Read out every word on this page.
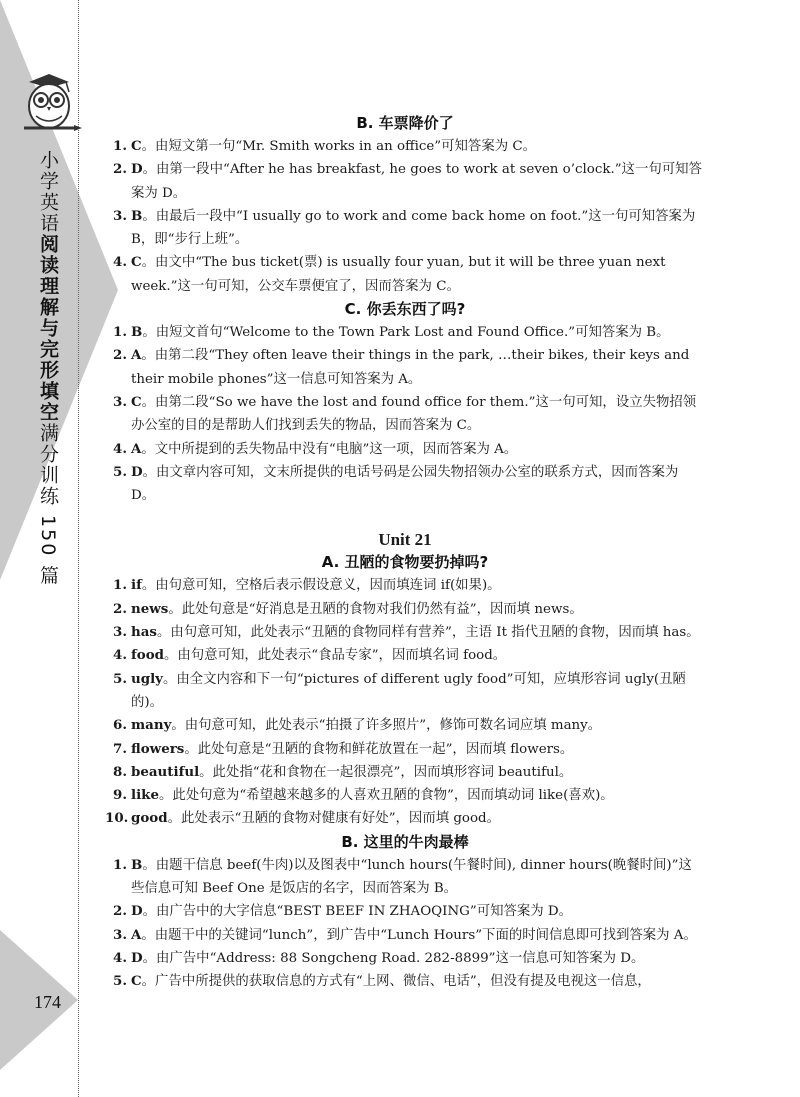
小学英语阅读理解与完形填空满分训练 150 篇
174
B. 车票降价了
1. C。由短文第一句“Mr. Smith works in an office”可知答案为 C。
2. D。由第一段中“After he has breakfast, he goes to work at seven o’clock.”这一句可知答案为 D。
3. B。由最后一段中“I usually go to work and come back home on foot.”这一句可知答案为 B，即“步行上班”。
4. C。由文中“The bus ticket(票) is usually four yuan, but it will be three yuan next week.”这一句可知，公交车票便宜了，因而答案为 C。
C. 你丢东西了吗?
1. B。由短文首句“Welcome to the Town Park Lost and Found Office.”可知答案为 B。
2. A。由第二段“They often leave their things in the park, …their bikes, their keys and their mobile phones”这一信息可知答案为 A。
3. C。由第二段“So we have the lost and found office for them.”这一句可知，设立失物招领办公室的目的是帮助人们找到丢失的物品，因而答案为 C。
4. A。文中所提到的丢失物品中没有“电脑”这一项，因而答案为 A。
5. D。由文章内容可知，文末所提供的电话号码是公园失物招领办公室的联系方式，因而答案为 D。
Unit 21
A. 丑陋的食物要扔掉吗?
1. if。由句意可知，空格后表示假设意义，因而填连词 if(如果)。
2. news。此处句意是“好消息是丑陋的食物对我们仍然有益”，因而填 news。
3. has。由句意可知，此处表示“丑陋的食物同样有营养”，主语 It 指代丑陋的食物，因而填 has。
4. food。由句意可知，此处表示“食品专家”，因而填名词 food。
5. ugly。由全文内容和下一句“pictures of different ugly food”可知，应填形容词 ugly(丑陋的)。
6. many。由句意可知，此处表示“拍摄了许多照片”，修饰可数名词应填 many。
7. flowers。此处句意是“丑陋的食物和鲜花放置在一起”，因而填 flowers。
8. beautiful。此处指“花和食物在一起很漂亮”，因而填形容词 beautiful。
9. like。此处句意为“希望越来越多的人喜欢丑陋的食物”，因而填动词 like(喜欢)。
10. good。此处表示“丑陋的食物对健康有好处”，因而填 good。
B. 这里的牛肉最棒
1. B。由题干信息 beef(牛肉)以及图表中“lunch hours(午餐时间), dinner hours(晚餐时间)”这些信息可知 Beef One 是饭店的名字，因而答案为 B。
2. D。由广告中的大字信息“BEST BEEF IN ZHAOQING”可知答案为 D。
3. A。由题干中的关键词“lunch”，到广告中“Lunch Hours”下面的时间信息即可找到答案为 A。
4. D。由广告中“Address: 88 Songcheng Road. 282-8899”这一信息可知答案为 D。
5. C。广告中所提供的获取信息的方式有“上网、微信、电话”，但没有提及电视这一信息，
